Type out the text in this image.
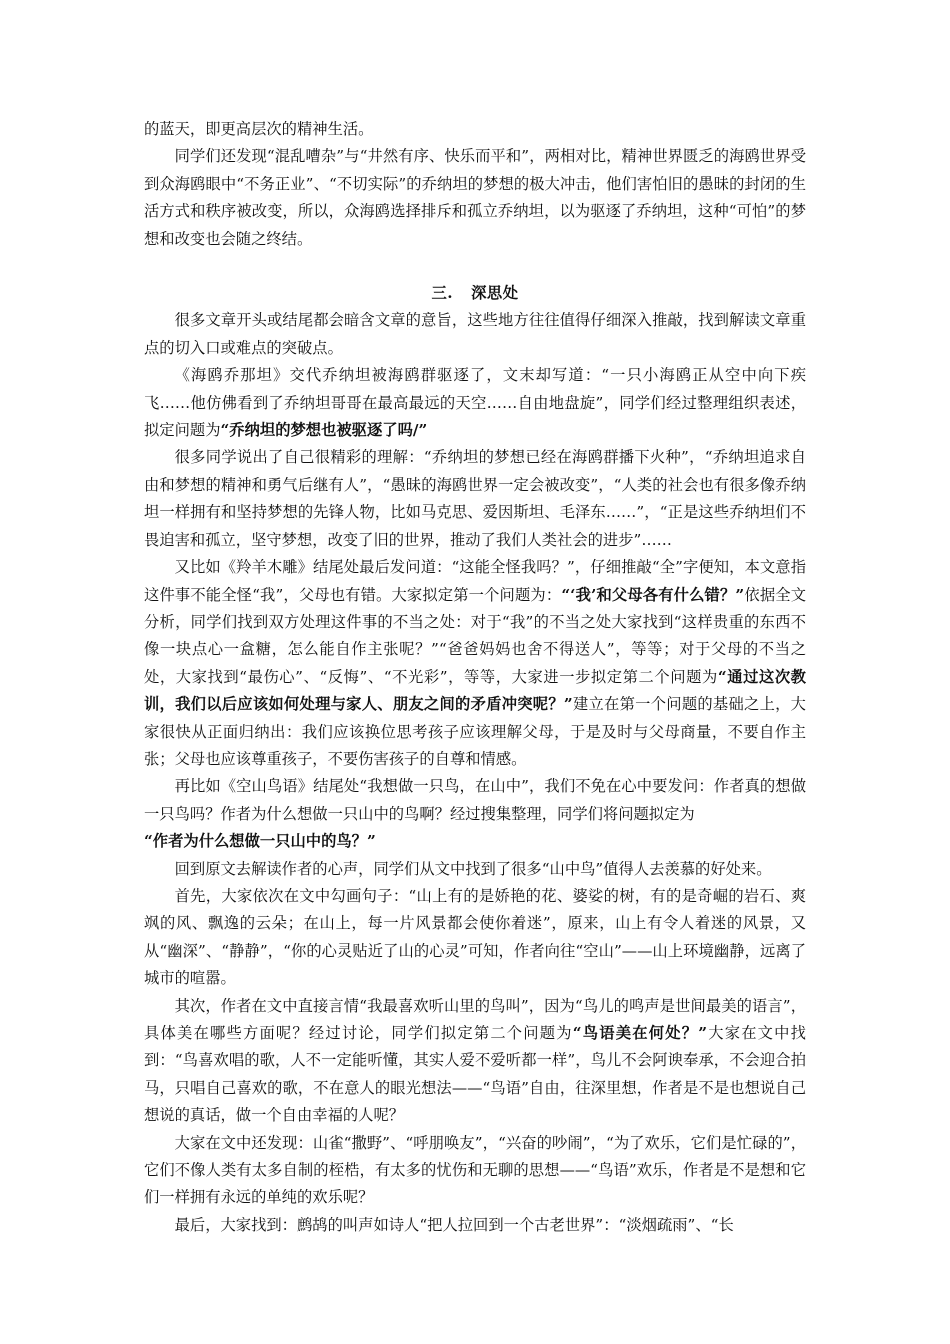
的蓝天，即更高层次的精神生活。

同学们还发现“混乱嘈杂”与“井然有序、快乐而平和”，两相对比，精神世界匮乏的海鸥世界受到众海鸥眼中“不务正业”、“不切实际”的乔纳坦的梦想的极大冲击，他们害怕旧的愚昧的封闭的生活方式和秩序被改变，所以，众海鸥选择排斥和孤立乔纳坦，以为驱逐了乔纳坦，这种“可怕”的梦想和改变也会随之终结。

三. 深思处

很多文章开头或结尾都会暗含文章的意旨，这些地方往往值得仔细深入推敲，找到解读文章重点的切入口或难点的突破点。

《海鸥乔那坦》交代乔纳坦被海鸥群驱逐了，文末却写道：“一只小海鸥正从空中向下疾飞……他仿佛看到了乔纳坦哥哥在最高最远的天空……自由地盘旋”，同学们经过整理组织表述，拟定问题为“乔纳坦的梦想也被驱逐了吗/”

很多同学说出了自己很精彩的理解：“乔纳坦的梦想已经在海鸥群播下火种”，“乔纳坦追求自由和梦想的精神和勇气后继有人”，“愚昧的海鸥世界一定会被改变”，“人类的社会也有很多像乔纳坦一样拥有和坚持梦想的先锋人物，比如马克思、爱因斯坦、毛泽东……”，“正是这些乔纳坦们不畏迫害和孤立，坚守梦想，改变了旧的世界，推动了我们人类社会的进步”……

又比如《羚羊木雕》结尾处最后发问道：“这能全怪我吗？”，仔细推敲“全”字便知，本文意指这件事不能全怪“我”，父母也有错。大家拟定第一个问题为：“‘我’和父母各有什么错？”依据全文分析，同学们找到双方处理这件事的不当之处：对于“我”的不当之处大家找到“这样贵重的东西不像一块点心一盒糖，怎么能自作主张呢？”“爸爸妈妈也舍不得送人”，等等；对于父母的不当之处，大家找到“最伤心”、“反悔”、“不光彩”，等等，大家进一步拟定第二个问题为“通过这次教训，我们以后应该如何处理与家人、朋友之间的矛盾冲突呢？”建立在第一个问题的基础之上，大家很快从正面归纳出：我们应该换位思考孩子应该理解父母，于是及时与父母商量，不要自作主张；父母也应该尊重孩子，不要伤害孩子的自尊和情感。

再比如《空山鸟语》结尾处“我想做一只鸟，在山中”，我们不免在心中要发问：作者真的想做一只鸟吗？作者为什么想做一只山中的鸟啊？经过搜集整理，同学们将问题拟定为
“作者为什么想做一只山中的鸟？”

回到原文去解读作者的心声，同学们从文中找到了很多“山中鸟”值得人去羡慕的好处来。

首先，大家依次在文中勾画句子：“山上有的是娇艳的花、婆娑的树，有的是奇崛的岩石、爽飒的风、飘逸的云朵；在山上，每一片风景都会使你着迷”，原来，山上有令人着迷的风景，又从“幽深”、“静静”，“你的心灵贴近了山的心灵”可知，作者向往“空山”——山上环境幽静，远离了城市的喧嚣。

其次，作者在文中直接言情“我最喜欢听山里的鸟叫”，因为“鸟儿的鸣声是世间最美的语言”，具体美在哪些方面呢？经过讨论，同学们拟定第二个问题为“鸟语美在何处？”大家在文中找到：“鸟喜欢唱的歌，人不一定能听懂，其实人爱不爱听都一样”，鸟儿不会阿谀奉承，不会迎合拍马，只唱自己喜欢的歌，不在意人的眼光想法——“鸟语”自由，往深里想，作者是不是也想说自己想说的真话，做一个自由幸福的人呢？

大家在文中还发现：山雀“撒野”、“呼朋唤友”，“兴奋的吵闹”，“为了欢乐，它们是忙碌的”，它们不像人类有太多自制的桎梏，有太多的忧伤和无聊的思想——“鸟语”欢乐，作者是不是想和它们一样拥有永远的单纯的欢乐呢？

最后，大家找到：鹧鸪的叫声如诗人“把人拉回到一个古老世界”：“淡烟疏雨”、“长
